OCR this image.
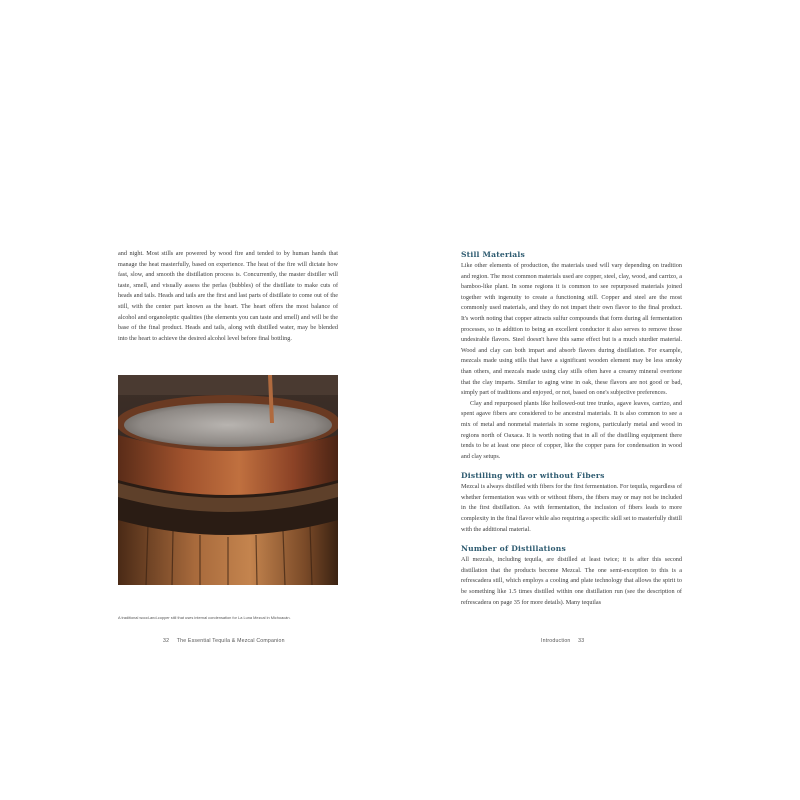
and night. Most stills are powered by wood fire and tended to by human hands that manage the heat masterfully, based on experience. The heat of the fire will dictate how fast, slow, and smooth the distillation process is. Concurrently, the master distiller will taste, smell, and visually assess the perlas (bubbles) of the distillate to make cuts of heads and tails. Heads and tails are the first and last parts of distillate to come out of the still, with the center part known as the heart. The heart offers the most balance of alcohol and organoleptic qualities (the elements you can taste and smell) and will be the base of the final product. Heads and tails, along with distilled water, may be blended into the heart to achieve the desired alcohol level before final bottling.

A traditional wood-and-copper still that uses internal condensation for La Luna Mezcal in Michoacán.
32 The Essential Tequila & Mezcal Companion
Still Materials

Like other elements of production, the materials used will vary depending on tradition and region. The most common materials used are copper, steel, clay, wood, and carrizo, a bamboo-like plant. In some regions it is common to see repurposed materials joined together with ingenuity to create a functioning still. Copper and steel are the most commonly used materials, and they do not impart their own flavor to the final product. It's worth noting that copper attracts sulfur compounds that form during all fermentation processes, so in addition to being an excellent conductor it also serves to remove those undesirable flavors. Steel doesn't have this same effect but is a much sturdier material. Wood and clay can both impart and absorb flavors during distillation. For example, mezcals made using stills that have a significant wooden element may be less smoky than others, and mezcals made using clay stills often have a creamy mineral overtone that the clay imparts. Similar to aging wine in oak, these flavors are not good or bad, simply part of traditions and enjoyed, or not, based on one's subjective preferences.

Clay and repurposed plants like hollowed-out tree trunks, agave leaves, carrizo, and spent agave fibers are considered to be ancestral materials. It is also common to see a mix of metal and nonmetal materials in some regions, particularly metal and wood in regions north of Oaxaca. It is worth noting that in all of the distilling equipment there tends to be at least one piece of copper, like the copper pans for condensation in wood and clay setups.

Distilling with or without Fibers

Mezcal is always distilled with fibers for the first fermentation. For tequila, regardless of whether fermentation was with or without fibers, the fibers may or may not be included in the first distillation. As with fermentation, the inclusion of fibers leads to more complexity in the final flavor while also requiring a specific skill set to masterfully distill with the additional material.

Number of Distillations

All mezcals, including tequila, are distilled at least twice; it is after this second distillation that the products become Mezcal. The one semi-exception to this is a refrescadera still, which employs a cooling and plate technology that allows the spirit to be something like 1.5 times distilled within one distillation run (see the description of refrescadera on page 35 for more details). Many tequilas

Introduction 33
